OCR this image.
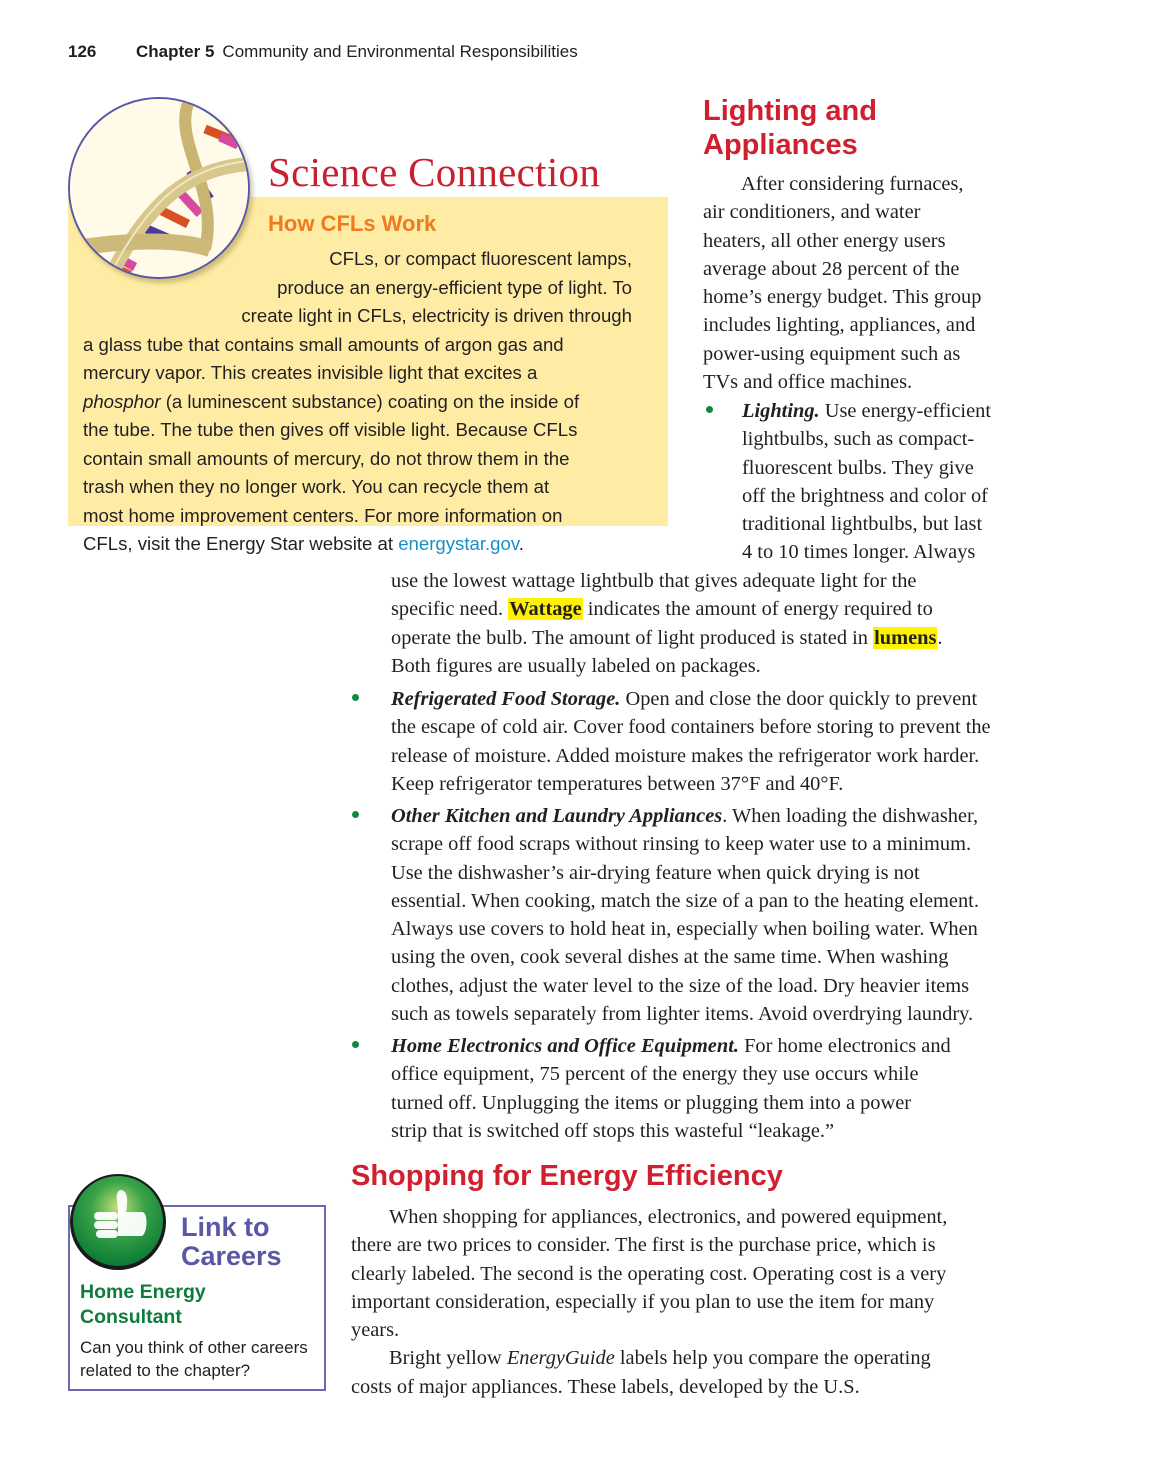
126 Chapter 5 Community and Environmental Responsibilities
Science Connection
How CFLs Work
CFLs, or compact fluorescent lamps,
produce an energy-efficient type of light. To
create light in CFLs, electricity is driven through
a glass tube that contains small amounts of argon gas and
mercury vapor. This creates invisible light that excites a
phosphor (a luminescent substance) coating on the inside of
the tube. The tube then gives off visible light. Because CFLs
contain small amounts of mercury, do not throw them in the
trash when they no longer work. You can recycle them at
most home improvement centers. For more information on
CFLs, visit the Energy Star website at energystar.gov.
Lighting and
Appliances
After considering furnaces,
air conditioners, and water
heaters, all other energy users
average about 28 percent of the
home’s energy budget. This group
includes lighting, appliances, and
power-using equipment such as
TVs and office machines.
Lighting. Use energy-efficient
lightbulbs, such as compact-
fluorescent bulbs. They give
off the brightness and color of
traditional lightbulbs, but last
4 to 10 times longer. Always
use the lowest wattage lightbulb that gives adequate light for the
specific need. Wattage indicates the amount of energy required to
operate the bulb. The amount of light produced is stated in lumens.
Both figures are usually labeled on packages.
Refrigerated Food Storage. Open and close the door quickly to prevent
the escape of cold air. Cover food containers before storing to prevent the
release of moisture. Added moisture makes the refrigerator work harder.
Keep refrigerator temperatures between 37°F and 40°F.
Other Kitchen and Laundry Appliances. When loading the dishwasher,
scrape off food scraps without rinsing to keep water use to a minimum.
Use the dishwasher’s air-drying feature when quick drying is not
essential. When cooking, match the size of a pan to the heating element.
Always use covers to hold heat in, especially when boiling water. When
using the oven, cook several dishes at the same time. When washing
clothes, adjust the water level to the size of the load. Dry heavier items
such as towels separately from lighter items. Avoid overdrying laundry.
Home Electronics and Office Equipment. For home electronics and
office equipment, 75 percent of the energy they use occurs while
turned off. Unplugging the items or plugging them into a power
strip that is switched off stops this wasteful “leakage.”
Shopping for Energy Efficiency
When shopping for appliances, electronics, and powered equipment,
there are two prices to consider. The first is the purchase price, which is
clearly labeled. The second is the operating cost. Operating cost is a very
important consideration, especially if you plan to use the item for many
years.
Bright yellow EnergyGuide labels help you compare the operating
costs of major appliances. These labels, developed by the U.S.
Link to
Careers
Home Energy
Consultant
Can you think of other careers
related to the chapter?
